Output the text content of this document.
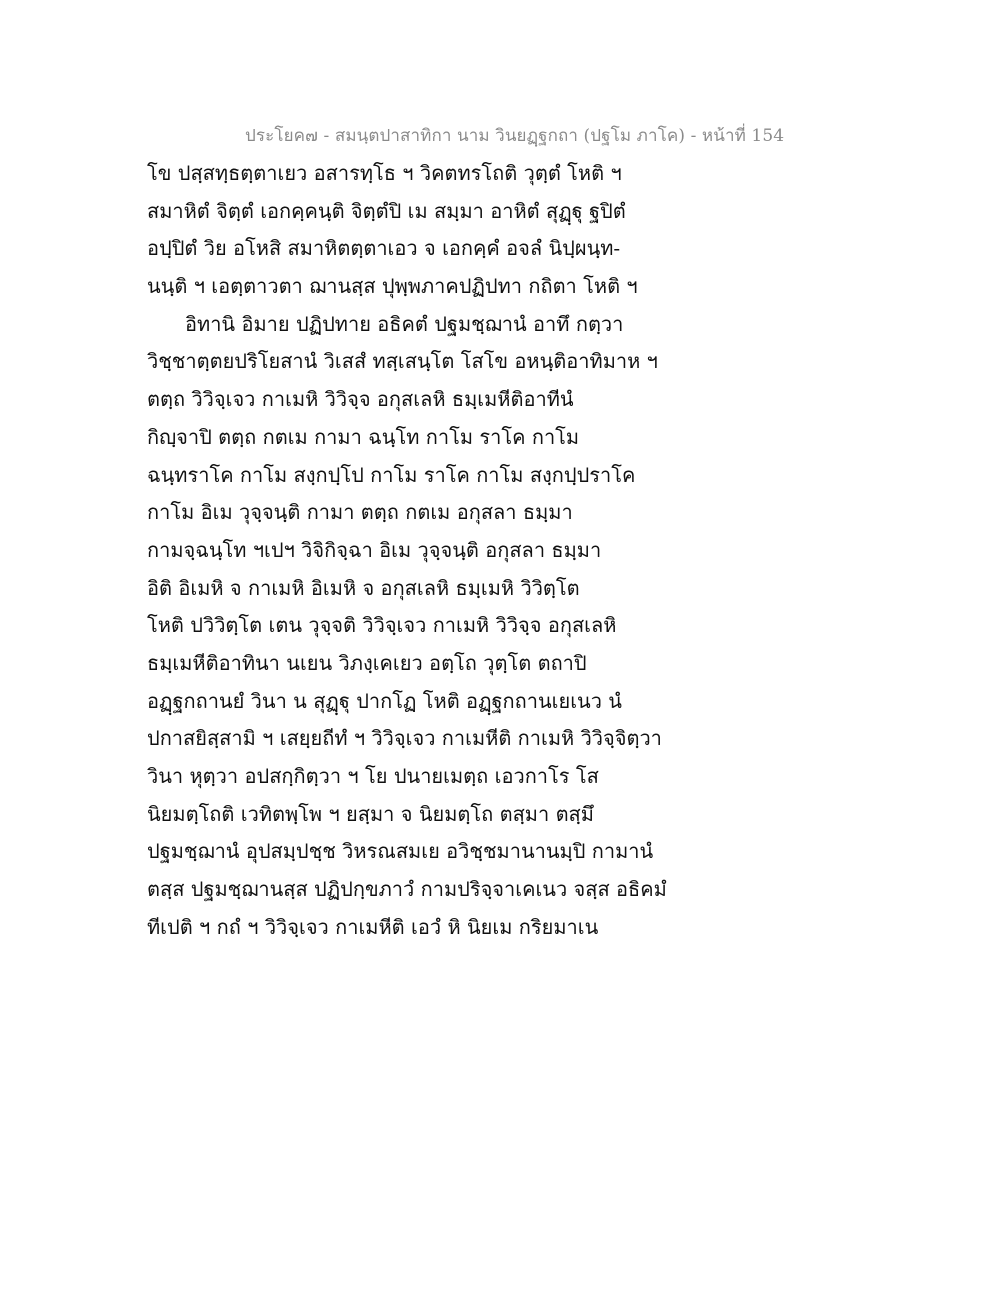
ประโยค๗ - สมนฺตปาสาทิกา นาม วินยฏฺฐกถา (ปฐโม ภาโค) - หน้าที่ 154
โข ปสฺสทฺธตฺตาเยว อสารทฺโธ ฯ วิคตทรโถติ วุตฺตํ โหติ ฯ
สมาหิตํ จิตฺตํ เอกคฺคนฺติ จิตฺตํปิ เม สมฺมา อาหิตํ สุฏฺฐุ ฐปิตํ
อปฺปิตํ วิย อโหสิ สมาหิตตฺตาเอว จ เอกคฺคํ อจลํ นิปฺผนฺท-
นนฺติ ฯ เอตฺตาวตา ฌานสฺส ปุพฺพภาคปฏิปทา กถิตา โหติ ฯ
อิทานิ อิมาย ปฏิปทาย อธิคตํ ปฐมชฺฌานํ อาทึ กตฺวา
วิชฺชาตฺตยปริโยสานํ วิเสสํ ทสฺเสนฺโต โสโข อหนฺติอาทิมาห ฯ
ตตฺถ วิวิจฺเจว กาเมหิ วิวิจฺจ อกุสเลหิ ธมฺเมหีติอาทีนํ
กิญฺจาปิ ตตฺถ กตเม กามา ฉนฺโท กาโม ราโค กาโม
ฉนฺทราโค กาโม สงฺกปฺโป กาโม ราโค กาโม สงฺกปฺปราโค
กาโม อิเม วุจฺจนฺติ กามา ตตฺถ กตเม อกุสลา ธมฺมา
กามจฺฉนฺโท ฯเปฯ วิจิกิจฺฉา อิเม วุจฺจนฺติ อกุสลา ธมฺมา
อิติ อิเมหิ จ กาเมหิ อิเมหิ จ อกุสเลหิ ธมฺเมหิ วิวิตฺโต
โหติ ปวิวิตฺโต เตน วุจฺจติ วิวิจฺเจว กาเมหิ วิวิจฺจ อกุสเลหิ
ธมฺเมหีติอาทินา นเยน วิภงฺเคเยว อตฺโถ วุตฺโต ตถาปิ
อฏฺฐกถานยํ วินา น สุฏฺฐุ ปากโฏ โหติ อฏฺฐกถานเยเนว นํ
ปกาสยิสฺสามิ ฯ เสยฺยถีทํ ฯ วิวิจฺเจว กาเมหีติ กาเมหิ วิวิจฺจิตฺวา
วินา หุตฺวา อปสกฺกิตฺวา ฯ โย ปนายเมตฺถ เอวกาโร โส
นิยมตฺโถติ เวทิตพฺโพ ฯ ยสฺมา จ นิยมตฺโถ ตสฺมา ตสฺมึ
ปฐมชฺฌานํ อุปสมฺปชฺช วิหรณสมเย อวิชฺชมานานมฺปิ กามานํ
ตสฺส ปฐมชฺฌานสฺส ปฏิปกฺขภาวํ กามปริจฺจาเคเนว จสฺส อธิคมํ
ทีเปติ ฯ กถํ ฯ วิวิจฺเจว กาเมหีติ เอวํ หิ นิยเม กริยมาเน
